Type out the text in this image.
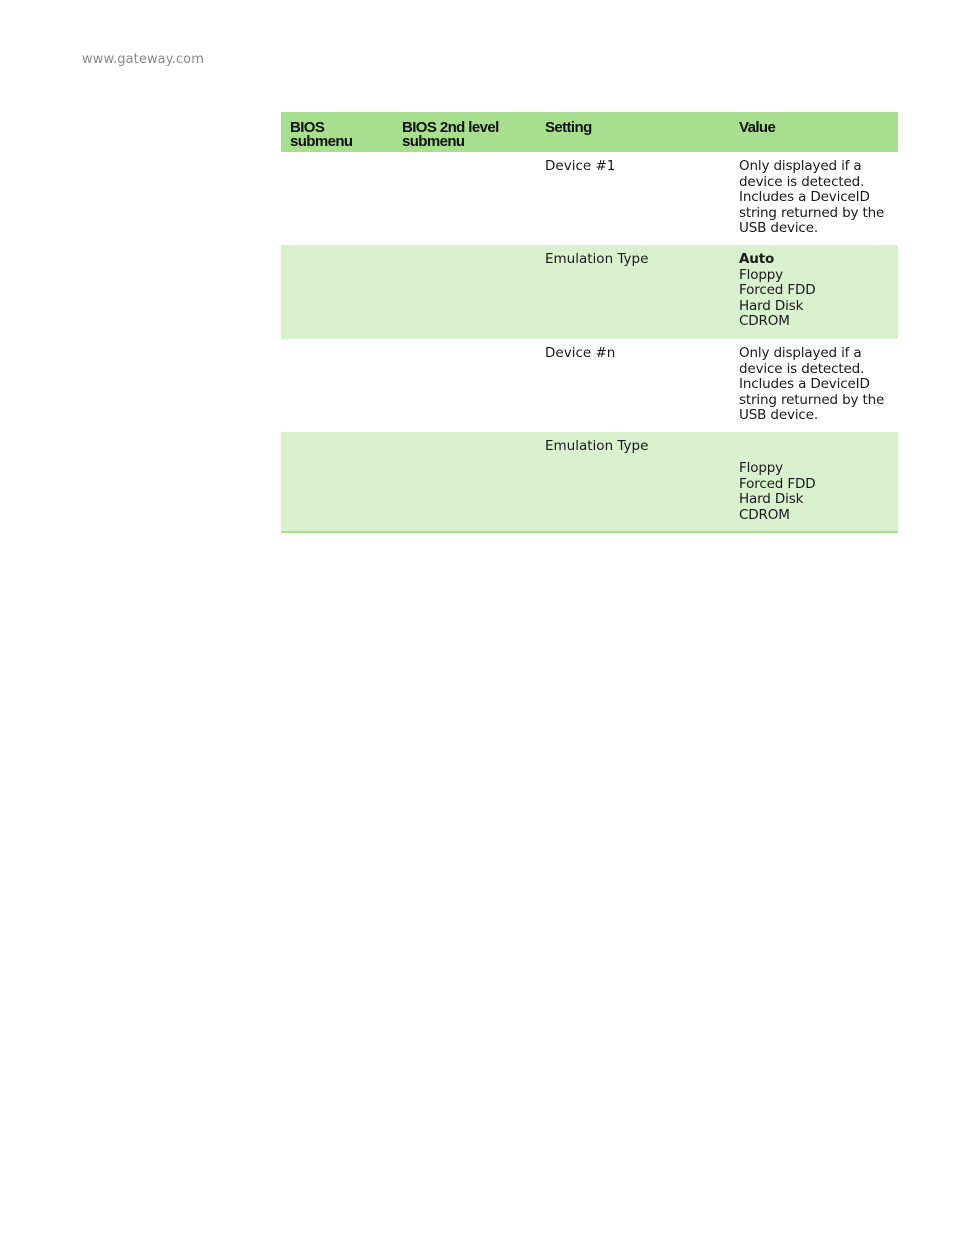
www.gateway.com
BIOS submenu	BIOS 2nd level submenu	Setting	Value
		Device #1	Only displayed if a device is detected. Includes a DeviceID string returned by the USB device.

		Emulation Type	Auto
Floppy
Forced FDD
Hard Disk
CDROM

		Device #n	Only displayed if a device is detected. Includes a DeviceID string returned by the USB device.

		Emulation Type	Floppy
Forced FDD
Hard Disk
CDROM
